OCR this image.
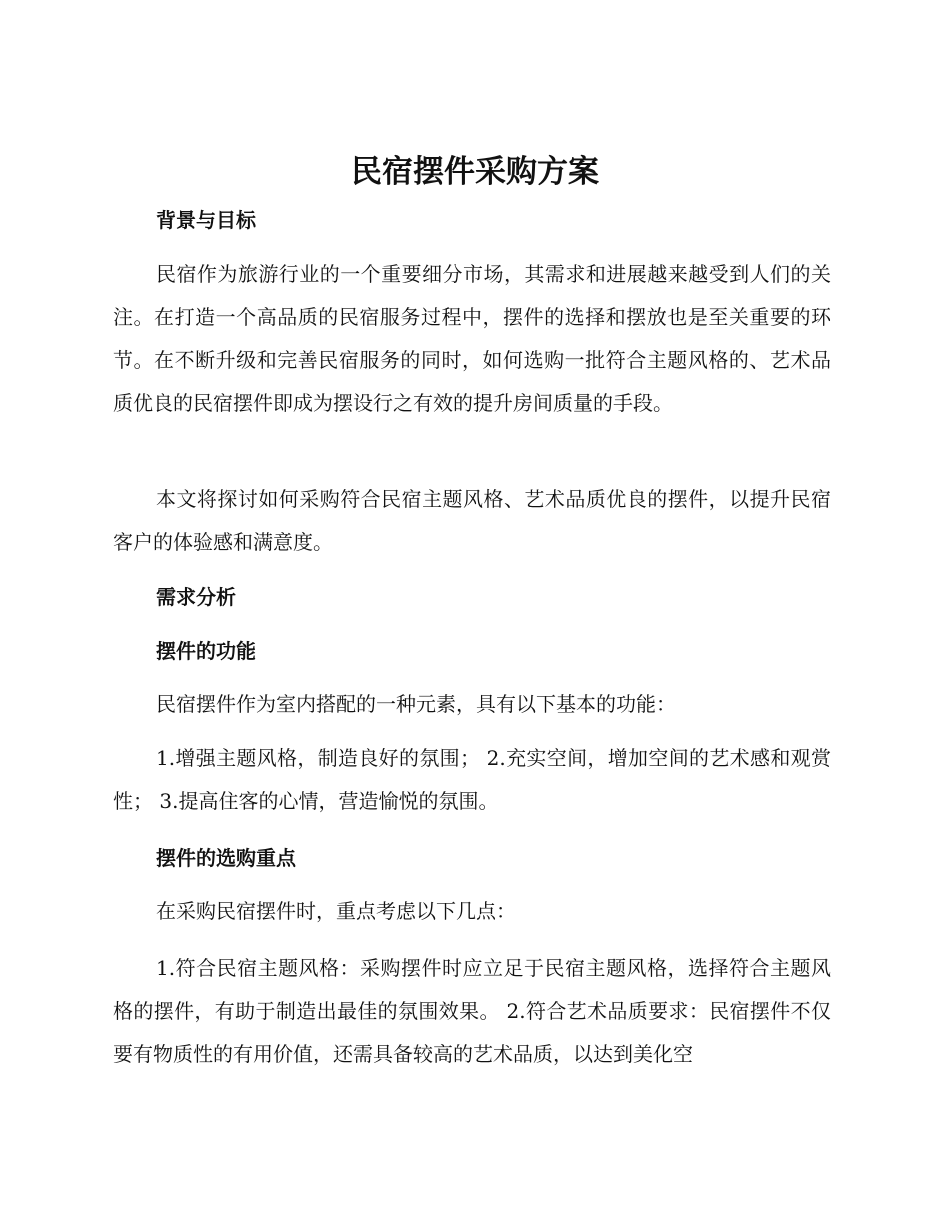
民宿摆件采购方案
背景与目标

民宿作为旅游行业的一个重要细分市场，其需求和进展越来越受到人们的关注。在打造一个高品质的民宿服务过程中，摆件的选择和摆放也是至关重要的环节。在不断升级和完善民宿服务的同时，如何选购一批符合主题风格的、艺术品质优良的民宿摆件即成为摆设行之有效的提升房间质量的手段。

本文将探讨如何采购符合民宿主题风格、艺术品质优良的摆件，以提升民宿客户的体验感和满意度。

需求分析
摆件的功能

民宿摆件作为室内搭配的一种元素，具有以下基本的功能：

1.增强主题风格，制造良好的氛围； 2.充实空间，增加空间的艺术感和观赏性； 3.提高住客的心情，营造愉悦的氛围。

摆件的选购重点

在采购民宿摆件时，重点考虑以下几点：

1.符合民宿主题风格：采购摆件时应立足于民宿主题风格，选择符合主题风格的摆件，有助于制造出最佳的氛围效果。 2.符合艺术品质要求：民宿摆件不仅要有物质性的有用价值，还需具备较高的艺术品质，以达到美化空
